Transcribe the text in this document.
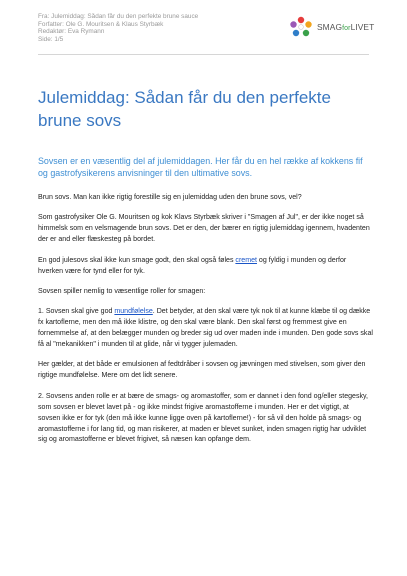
Fra: Julemiddag: Sådan får du den perfekte brune sauce
Forfatter: Ole G. Mouritsen & Klaus Styrbæk
Redaktør: Eva Rymann
Side: 1/5
SMAGforLIVET
Julemiddag: Sådan får du den perfekte brune sovs

Sovsen er en væsentlig del af julemiddagen. Her får du en hel række af kokkens fif og gastrofysikerens anvisninger til den ultimative sovs.

Brun sovs. Man kan ikke rigtig forestille sig en julemiddag uden den brune sovs, vel?

Som gastrofysiker Ole G. Mouritsen og kok Klavs Styrbæk skriver i "Smagen af Jul", er der ikke noget så himmelsk som en velsmagende brun sovs. Det er den, der bærer en rigtig julemiddag igennem, hvadenten der er and eller flæskesteg på bordet.

En god julesovs skal ikke kun smage godt, den skal også føles cremet og fyldig i munden og derfor hverken være for tynd eller for tyk.

Sovsen spiller nemlig to væsentlige roller for smagen:

1. Sovsen skal give god mundfølelse. Det betyder, at den skal være tyk nok til at kunne klæbe til og dække fx kartoflerne, men den må ikke klistre, og den skal være blank. Den skal først og fremmest give en fornemmelse af, at den belægger munden og breder sig ud over maden inde i munden. Den gode sovs skal få al "mekanikken" i munden til at glide, når vi tygger julemaden.

Her gælder, at det både er emulsionen af fedtdråber i sovsen og jævningen med stivelsen, som giver den rigtige mundfølelse. Mere om det lidt senere.

2. Sovsens anden rolle er at bære de smags- og aromastoffer, som er dannet i den fond og/eller stegesky, som sovsen er blevet lavet på - og ikke mindst frigive aromastofferne i munden. Her er det vigtigt, at sovsen ikke er for tyk (den må ikke kunne ligge oven på kartoflerne!) - for så vil den holde på smags- og aromastofferne i for lang tid, og man risikerer, at maden er blevet sunket, inden smagen rigtig har udviklet sig og aromastofferne er blevet frigivet, så næsen kan opfange dem.
